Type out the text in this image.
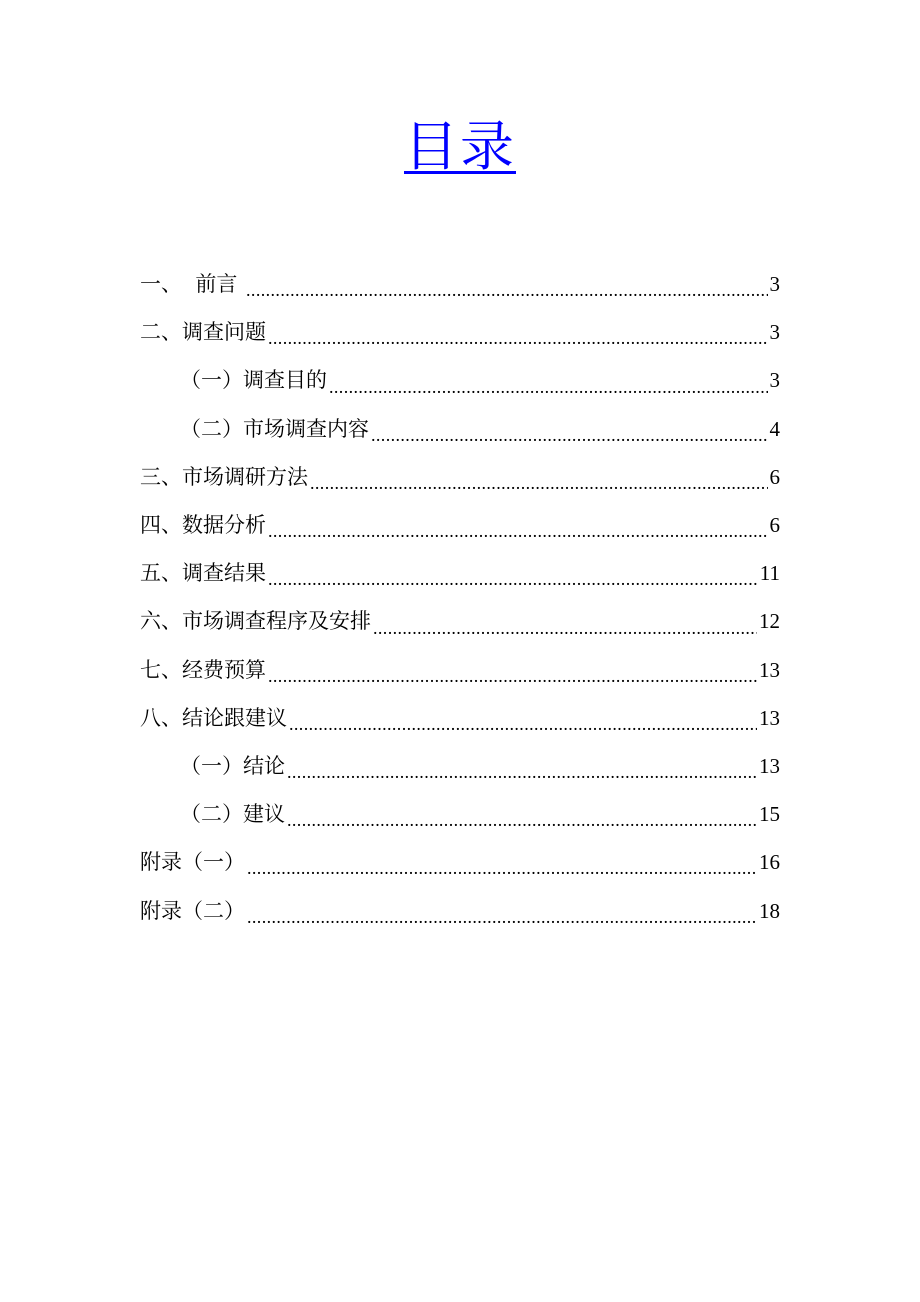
目录
一、  前言 .....	3
二、调查问题 .....	3
（一）调查目的 .....	3
（二）市场调查内容 .....	4
三、市场调研方法 .....	6
四、数据分析 .....	6
五、调查结果 .....	11
六、市场调查程序及安排 .....	12
七、经费预算 .....	13
八、结论跟建议 .....	13
（一）结论 .....	13
（二）建议 .....	15
附录（一） .....	16
附录（二） .....	18
